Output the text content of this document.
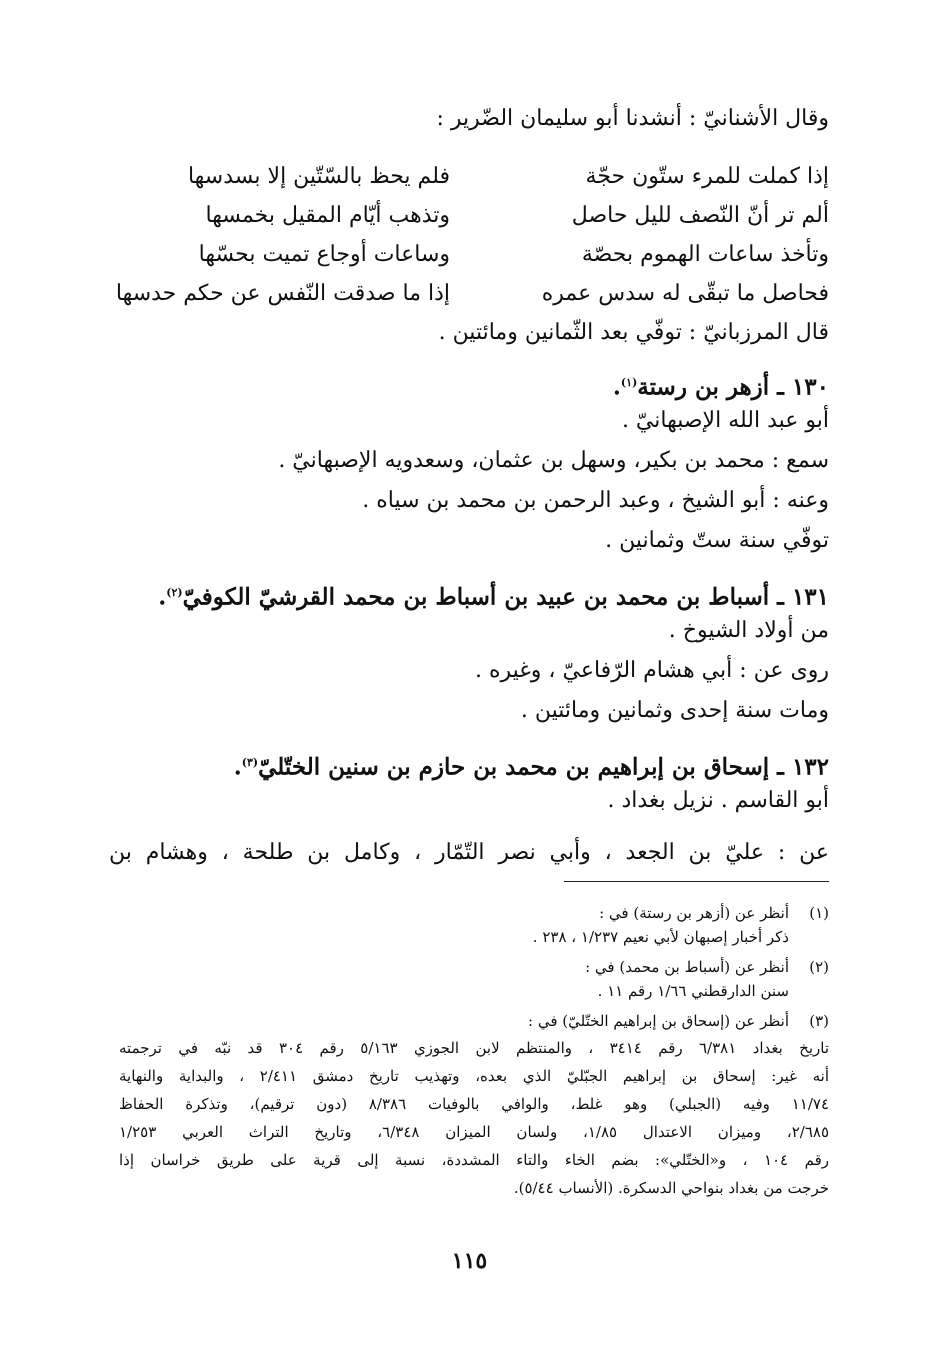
وقال الأشنانيّ : أنشدنا أبو سليمان الضّرير :
إذا كملت للمرء ستّون حجّة
فلم يحظ بالسّتّين إلا بسدسها
ألم تر أنّ النّصف لليل حاصل
وتذهب أيّام المقيل بخمسها
وتأخذ ساعات الهموم بحصّة
وساعات أوجاع تميت بحسّها
فحاصل ما تبقّى له سدس عمره
إذا ما صدقت النّفس عن حكم حدسها
قال المرزبانيّ : توفّي بعد الثّمانين ومائتين .
١٣٠ ـ أزهر بن رستة$^{(١)}$.
أبو عبد الله الإصبهانيّ .
سمع : محمد بن بكير، وسهل بن عثمان، وسعدويه الإصبهانيّ .
وعنه : أبو الشيخ ، وعبد الرحمن بن محمد بن سياه .
توفّي سنة ستّ وثمانين .
١٣١ ـ أسباط بن محمد بن عبيد بن أسباط بن محمد القرشيّ الكوفيّ$^{(٢)}$.
من أولاد الشيوخ .
روى عن : أبي هشام الرّفاعيّ ، وغيره .
ومات سنة إحدى وثمانين ومائتين .
١٣٢ ـ إسحاق بن إبراهيم بن محمد بن حازم بن سنين الختّليّ$^{(٣)}$.
أبو القاسم . نزيل بغداد .
عن : عليّ بن الجعد ، وأبي نصر التّمّار ، وكامل بن طلحة ، وهشام بن
(١)
أنظر عن (أزهر بن رستة) في :
ذكر أخبار إصبهان لأبي نعيم ١/٢٣٧ ، ٢٣٨ .
(٢)
أنظر عن (أسباط بن محمد) في :
سنن الدارقطني ١/٦٦ رقم ١١ .
(٣)
أنظر عن (إسحاق بن إبراهيم الختّليّ) في :
تاريخ بغداد ٦/٣٨١ رقم ٣٤١٤ ، والمنتظم لابن الجوزي ٥/١٦٣ رقم ٣٠٤ قد نبّه في ترجمته
أنه غير: إسحاق بن إبراهيم الجبّليّ الذي بعده، وتهذيب تاريخ دمشق ٢/٤١١ ، والبداية والنهاية
١١/٧٤ وفيه (الجبلي) وهو غلط، والوافي بالوفيات ٨/٣٨٦ (دون ترقيم)، وتذكرة الحفاظ
٢/٦٨٥، وميزان الاعتدال ١/٨٥، ولسان الميزان ٦/٣٤٨، وتاريخ التراث العربي ١/٢٥٣
رقم ١٠٤ ، و«الختّلي»: بضم الخاء والتاء المشددة، نسبة إلى قرية على طريق خراسان إذا
خرجت من بغداد بنواحي الدسكرة. (الأنساب ٥/٤٤).
١١٥
